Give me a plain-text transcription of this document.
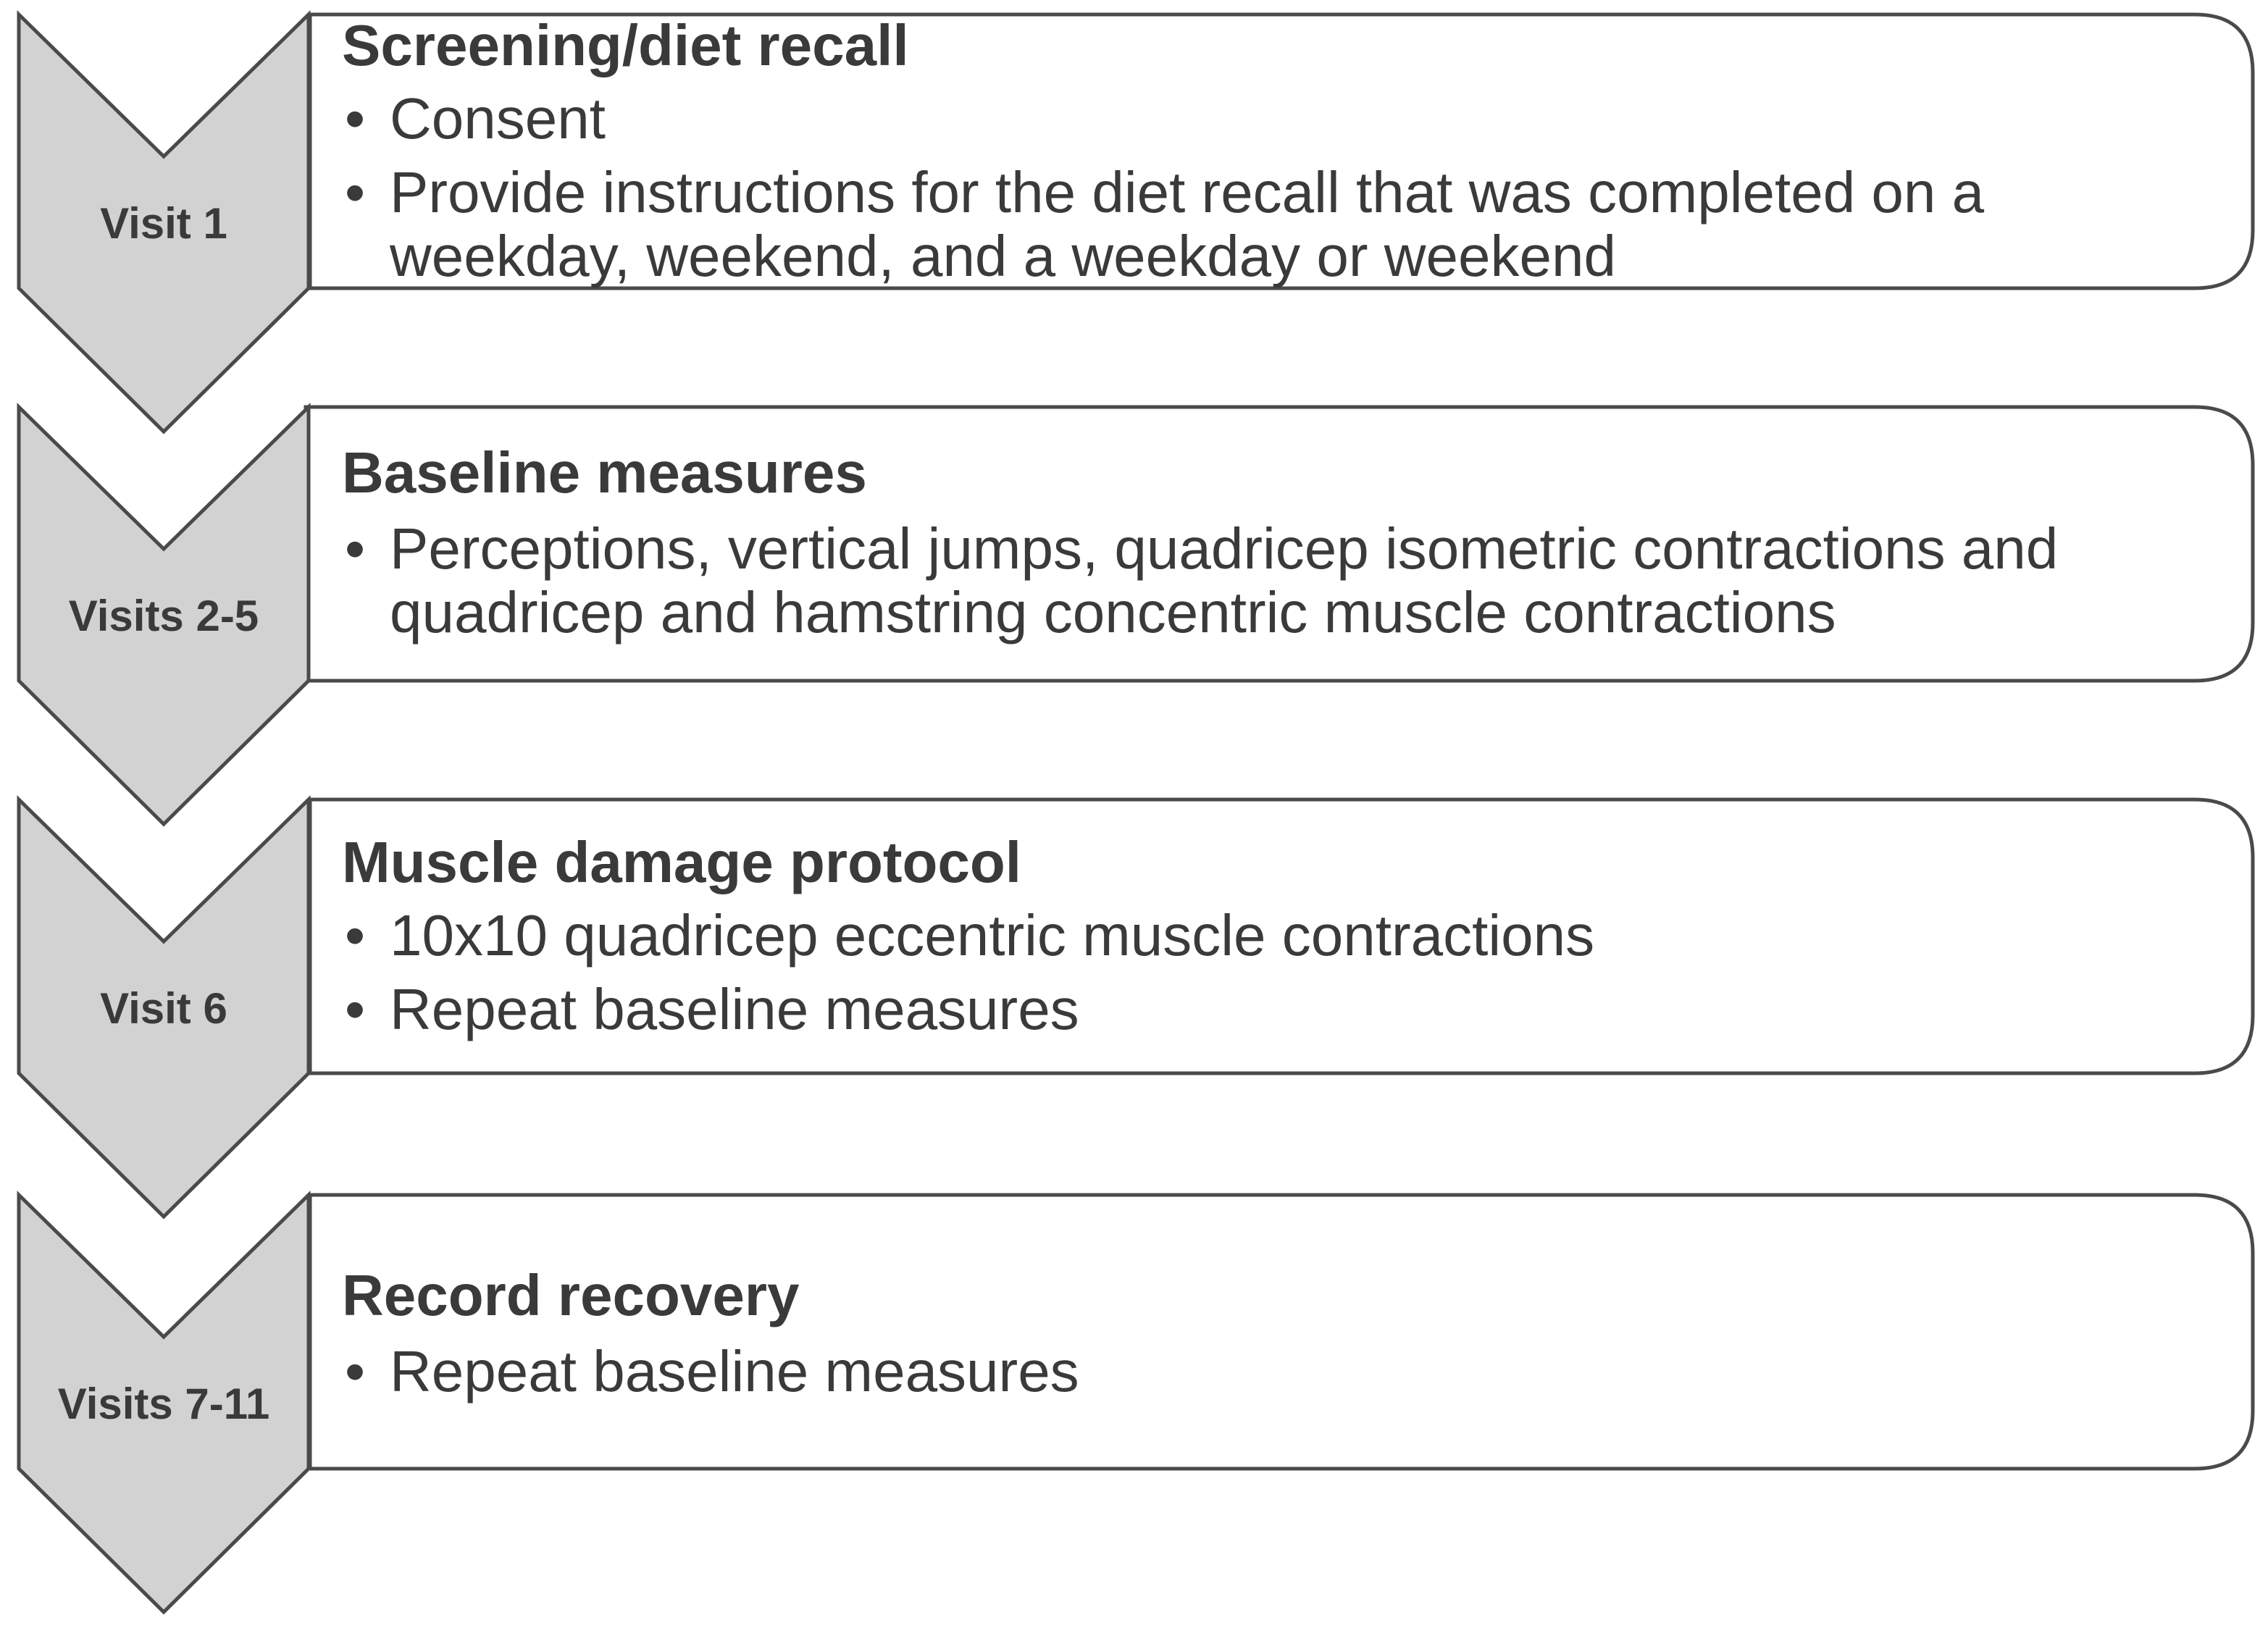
Visit 1
Visits 2-5
Visit 6
Visits 7-11
Screening/diet recall
• Consent
• Provide instructions for the diet recall that was completed on a weekday, weekend, and a weekday or weekend
Baseline measures
• Perceptions, vertical jumps, quadricep isometric contractions and quadricep and hamstring concentric muscle contractions
Muscle damage protocol
• 10x10 quadricep eccentric muscle contractions
• Repeat baseline measures
Record recovery
• Repeat baseline measures
